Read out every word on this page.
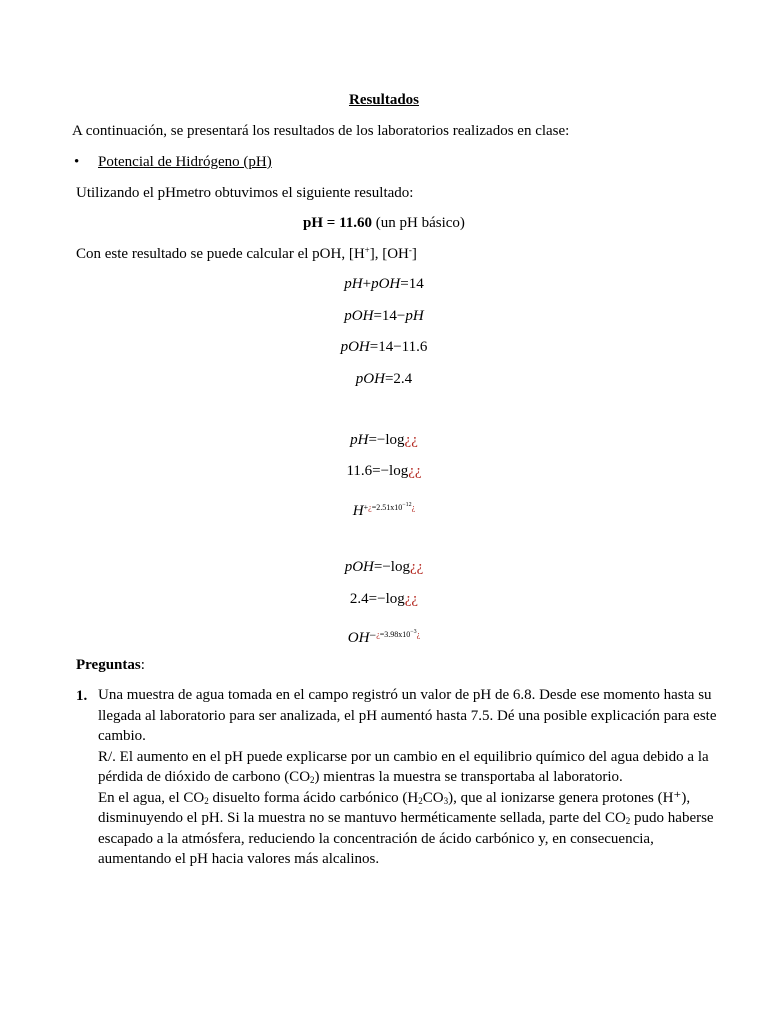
Resultados
A continuación, se presentará los resultados de los laboratorios realizados en clase:
• Potencial de Hidrógeno (pH)
Utilizando el pHmetro obtuvimos el siguiente resultado:
pH = 11.60 (un pH básico)
Con este resultado se puede calcular el pOH, [H+], [OH-]
pH+pOH=14
pOH=14−pH
pOH=14−11.6
pOH=2.4
pH=−log¿¿
11.6=−log¿¿
$H^{+¿=2.51x10-12¿}$
pOH=−log¿¿
2.4=−log¿¿
$OH^{-¿=3.98x10-3¿}$
Preguntas:
1. Una muestra de agua tomada en el campo registró un valor de pH de 6.8. Desde ese momento hasta su llegada al laboratorio para ser analizada, el pH aumentó hasta 7.5. Dé una posible explicación para este cambio.
R/. El aumento en el pH puede explicarse por un cambio en el equilibrio químico del agua debido a la pérdida de dióxido de carbono $(CO_2)$ mientras la muestra se transportaba al laboratorio.
En el agua, el $CO_2$ disuelto forma ácido carbónico $(H_2CO_3)$, que al ionizarse genera protones (H⁺), disminuyendo el pH. Si la muestra no se mantuvo herméticamente sellada, parte del $CO_2$ pudo haberse escapado a la atmósfera, reduciendo la concentración de ácido carbónico y, en consecuencia, aumentando el pH hacia valores más alcalinos.
